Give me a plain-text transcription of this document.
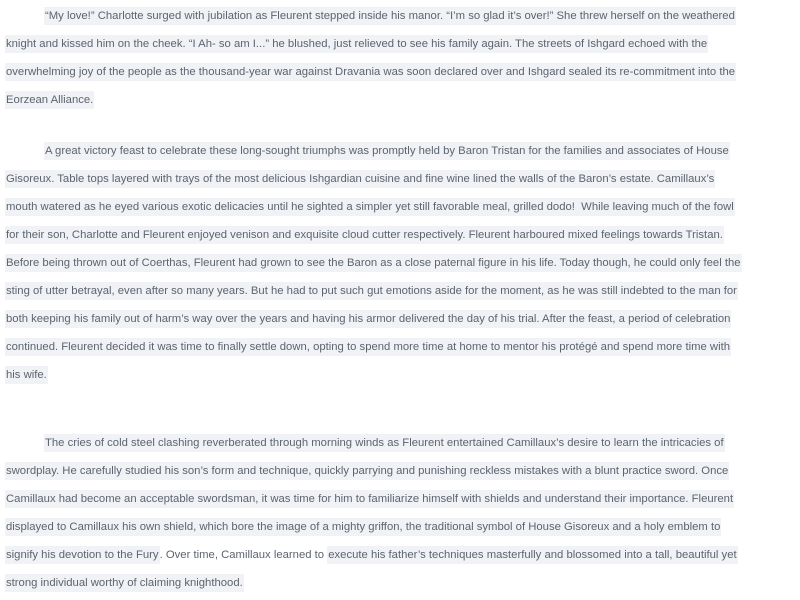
“My love!” Charlotte surged with jubilation as Fleurent stepped inside his manor. “I’m so glad it’s over!” She threw herself on the weathered
knight and kissed him on the cheek. “I Ah- so am I...” he blushed, just relieved to see his family again. The streets of Ishgard echoed with the
overwhelming joy of the people as the thousand-year war against Dravania was soon declared over and Ishgard sealed its re-commitment into the
Eorzean Alliance.
A great victory feast to celebrate these long-sought triumphs was promptly held by Baron Tristan for the families and associates of House
Gisoreux. Table tops layered with trays of the most delicious Ishgardian cuisine and fine wine lined the walls of the Baron’s estate. Camillaux’s
mouth watered as he eyed various exotic delicacies until he sighted a simpler yet still favorable meal, grilled dodo!  While leaving much of the fowl
for their son, Charlotte and Fleurent enjoyed venison and exquisite cloud cutter respectively. Fleurent harboured mixed feelings towards Tristan.
Before being thrown out of Coerthas, Fleurent had grown to see the Baron as a close paternal figure in his life. Today though, he could only feel the
sting of utter betrayal, even after so many years. But he had to put such gut emotions aside for the moment, as he was still indebted to the man for
both keeping his family out of harm’s way over the years and having his armor delivered the day of his trial. After the feast, a period of celebration
continued. Fleurent decided it was time to finally settle down, opting to spend more time at home to mentor his protégé and spend more time with
his wife.
The cries of cold steel clashing reverberated through morning winds as Fleurent entertained Camillaux’s desire to learn the intricacies of
swordplay. He carefully studied his son’s form and technique, quickly parrying and punishing reckless mistakes with a blunt practice sword. Once
Camillaux had become an acceptable swordsman, it was time for him to familiarize himself with shields and understand their importance. Fleurent
displayed to Camillaux his own shield, which bore the image of a mighty griffon, the traditional symbol of House Gisoreux and a holy emblem to
signify his devotion to the Fury. Over time, Camillaux learned to execute his father’s techniques masterfully and blossomed into a tall, beautiful yet
strong individual worthy of claiming knighthood.
